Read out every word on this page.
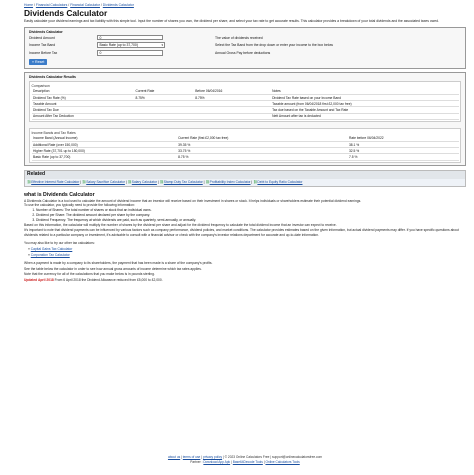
Home / Financial Calculators / Financial Calculator / Dividends Calculator
Dividends Calculator
Easily calculate your dividend earnings and tax liability with this simple tool. Input the number of shares you own, the dividend per share, and select your tax rate to get accurate results. This calculator provides a breakdown of your total dividends and the associated taxes owed.
Dividends Calculator
Dividend Amount	0	The value of dividends received
Income Tax Band	Basic Rate (up to 37,700)	▾	Select the Tax Band from the drop down or enter your income to the box below
Income Before Tax	0	Annual Gross Pay before deductions
» Reset
Dividends Calculator Results
Comparison
Description	Current Rate	Before 06/04/2016	Notes
Dividend Tax Rate (%)	8.75%	8.75%	Dividend Tax Rate based on your Income Band
Taxable Amount			Taxable amount (from 06/04/2018 first £2,000 tax free)
Dividend Tax Due			Tax due based on the Taxable Amount and Tax Rate
Amount After Tax Deduction			Nett Amount after tax is deducted
Income Bands and Tax Rates
Income Band (Annual Income)	Current Rate (first £2,000 tax free)	Rate before 06/04/2022
Additional Rate (over 150,000)	39.35 %	38.1 %
Higher Rate (37,701 up to 150,000)	33.75 %	32.5 %
Basic Rate (up to 37,700)	8.75 %	7.5 %
Related
⛓Effective Interest Rate Calculator | ⛓Salary Sacrifice Calculator | ⛓Salary Calculator | ⛓Stamp Duty Tax Calculator | ⛓Profitability Index Calculator | ⛓Debt to Equity Ratio Calculator
what is Dividends Calculator

A Dividends Calculator is a tool used to calculate the amount of dividend income that an investor will receive based on their investment in shares or stock. It helps individuals or shareholders estimate their potential dividend earnings.

To use the calculator, you typically need to provide the following information:

1. Number of Shares: The total number of shares or stock that an individual owns.
2. Dividend per Share: The dividend amount declared per share by the company.
3. Dividend Frequency: The frequency at which dividends are paid, such as quarterly, semi-annually, or annually.

Based on this information, the calculator will multiply the number of shares by the dividend per share and adjust for the dividend frequency to calculate the total dividend income that an investor can expect to receive.

It's important to note that dividend payments can be influenced by various factors such as company performance, dividend policies, and market conditions. The calculator provides estimates based on the given information, but actual dividend payments may differ. If you have specific questions about dividends related to a particular company or investment, it's advisable to consult with a financial advisor or check with the company's investor relations department for accurate and up-to-date information.

You may also like to try our other tax calculators:

» Capital Gains Tax Calculator
» Corporation Tax Calculator

When a payment is made by a company to its shareholders, the payment that has been made is a share of the company's profits.

See the table below the calculator in order to see how annual gross amounts of income determine which tax rates applies.

Note that the currency for all of the calculations that you make below is in pounds sterling.

Updated April 2018 From 6 April 2018 the Dividend Allowance reduced from £5,000 to £2,000.

about us | terms of use | privacy policy | © 2023 Online Calculators Free | support@onlinecalculatorsfree.com
Partner : Download App Apk | Base64Decode Tools | Online Calculators Tools
